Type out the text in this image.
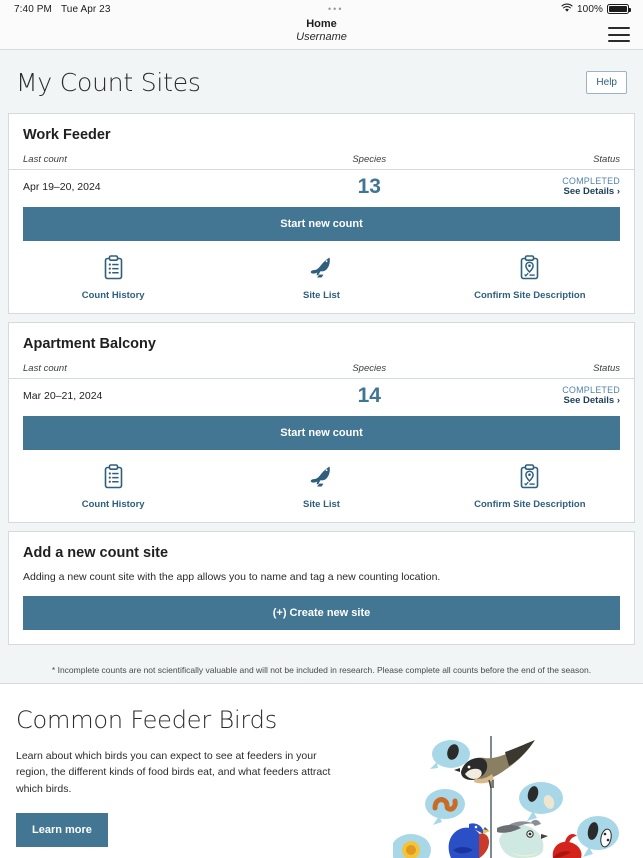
7:40 PM Tue Apr 23	•••	100%
Home
Username
My Count Sites	Help
Work Feeder
Last count	Species	Status
Apr 19–20, 2024	13	COMPLETED
See Details ›
Start new count
Count History	Site List	Confirm Site Description
Apartment Balcony
Last count	Species	Status
Mar 20–21, 2024	14	COMPLETED
See Details ›
Start new count
Count History	Site List	Confirm Site Description
Add a new count site
Adding a new count site with the app allows you to name and tag a new counting location.
(+) Create new site
* Incomplete counts are not scientifically valuable and will not be included in research. Please complete all counts before the end of the season.
Common Feeder Birds
Learn about which birds you can expect to see at feeders in your region, the different kinds of food birds eat, and what feeders attract which birds.
Learn more
